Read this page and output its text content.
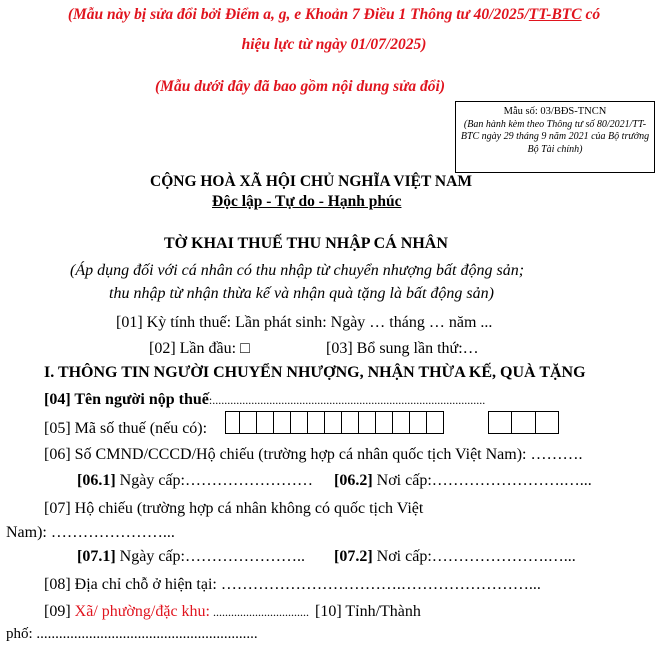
(Mẫu này bị sửa đổi bởi Điểm a, g, e Khoản 7 Điều 1 Thông tư 40/2025/TT-BTC có
hiệu lực từ ngày 01/07/2025)
(Mẫu dưới đây đã bao gồm nội dung sửa đổi)
Mẫu số: 03/BĐS-TNCN
(Ban hành kèm theo Thông tư số 80/2021/TT-BTC ngày 29 tháng 9 năm 2021 của Bộ trưởng Bộ Tài chính)
CỘNG HOÀ XÃ HỘI CHỦ NGHĨA VIỆT NAM
Độc lập - Tự do - Hạnh phúc
TỜ KHAI THUẾ THU NHẬP CÁ NHÂN
(Áp dụng đối với cá nhân có thu nhập từ chuyển nhượng bất động sản;
thu nhập từ nhận thừa kế và nhận quà tặng là bất động sản)
[01] Kỳ tính thuế: Lần phát sinh: Ngày … tháng … năm ...
[02] Lần đầu: □	[03] Bổ sung lần thứ:…
I. THÔNG TIN NGƯỜI CHUYỂN NHƯỢNG, NHẬN THỪA KẾ, QUÀ TẶNG
[04] Tên người nộp thuế:...........................................................................................
[05] Mã số thuế (nếu có):
[06] Số CMND/CCCD/Hộ chiếu (trường hợp cá nhân quốc tịch Việt Nam): ……….
[06.1] Ngày cấp:…………………… [06.2] Nơi cấp:…………………….…...
[07] Hộ chiếu (trường hợp cá nhân không có quốc tịch Việt
Nam): …………………...
[07.1] Ngày cấp:………………….. [07.2] Nơi cấp:………………….…...
[08] Địa chỉ chỗ ở hiện tại: …………………………….……………………...
[09] Xã/ phường/đặc khu: ................................ [10] Tỉnh/Thành
phố: ...........................................................
